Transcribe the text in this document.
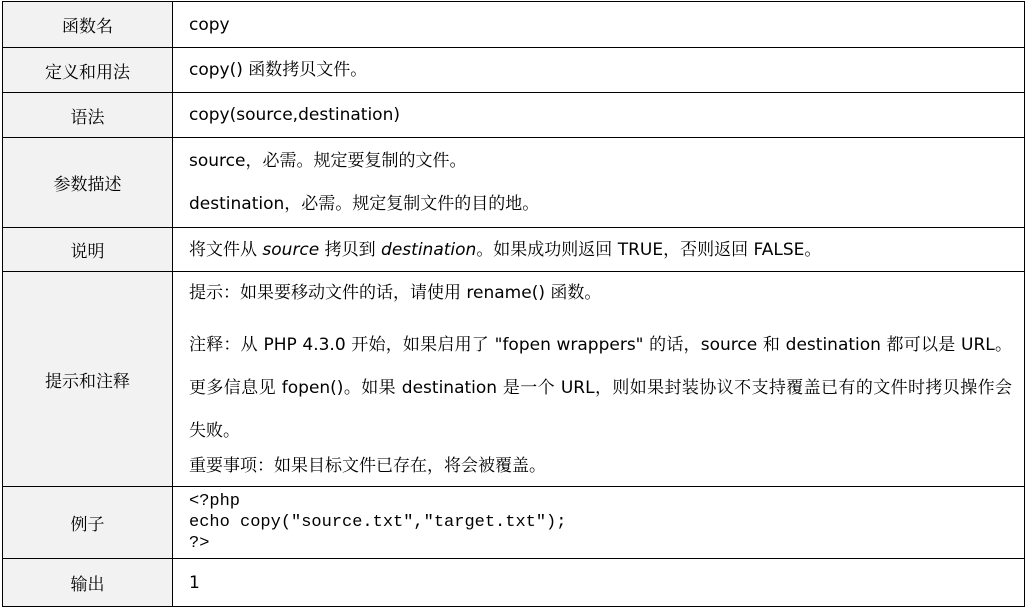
函数名	copy
定义和用法	copy() 函数拷贝文件。
语法	copy(source,destination)
参数描述	source，必需。规定要复制的文件。

destination，必需。规定复制文件的目的地。

说明	将文件从 source 拷贝到 destination。如果成功则返回 TRUE，否则返回 FALSE。
提示和注释	提示：如果要移动文件的话，请使用 rename() 函数。

注释：从 PHP 4.3.0 开始，如果启用了 "fopen wrappers" 的话，source 和 destination 都可以是 URL。更多信息见 fopen()。如果 destination 是一个 URL，则如果封装协议不支持覆盖已有的文件时拷贝操作会失败。

重要事项：如果目标文件已存在，将会被覆盖。

例子	<?php
echo copy("source.txt","target.txt");
?>

输出	1
